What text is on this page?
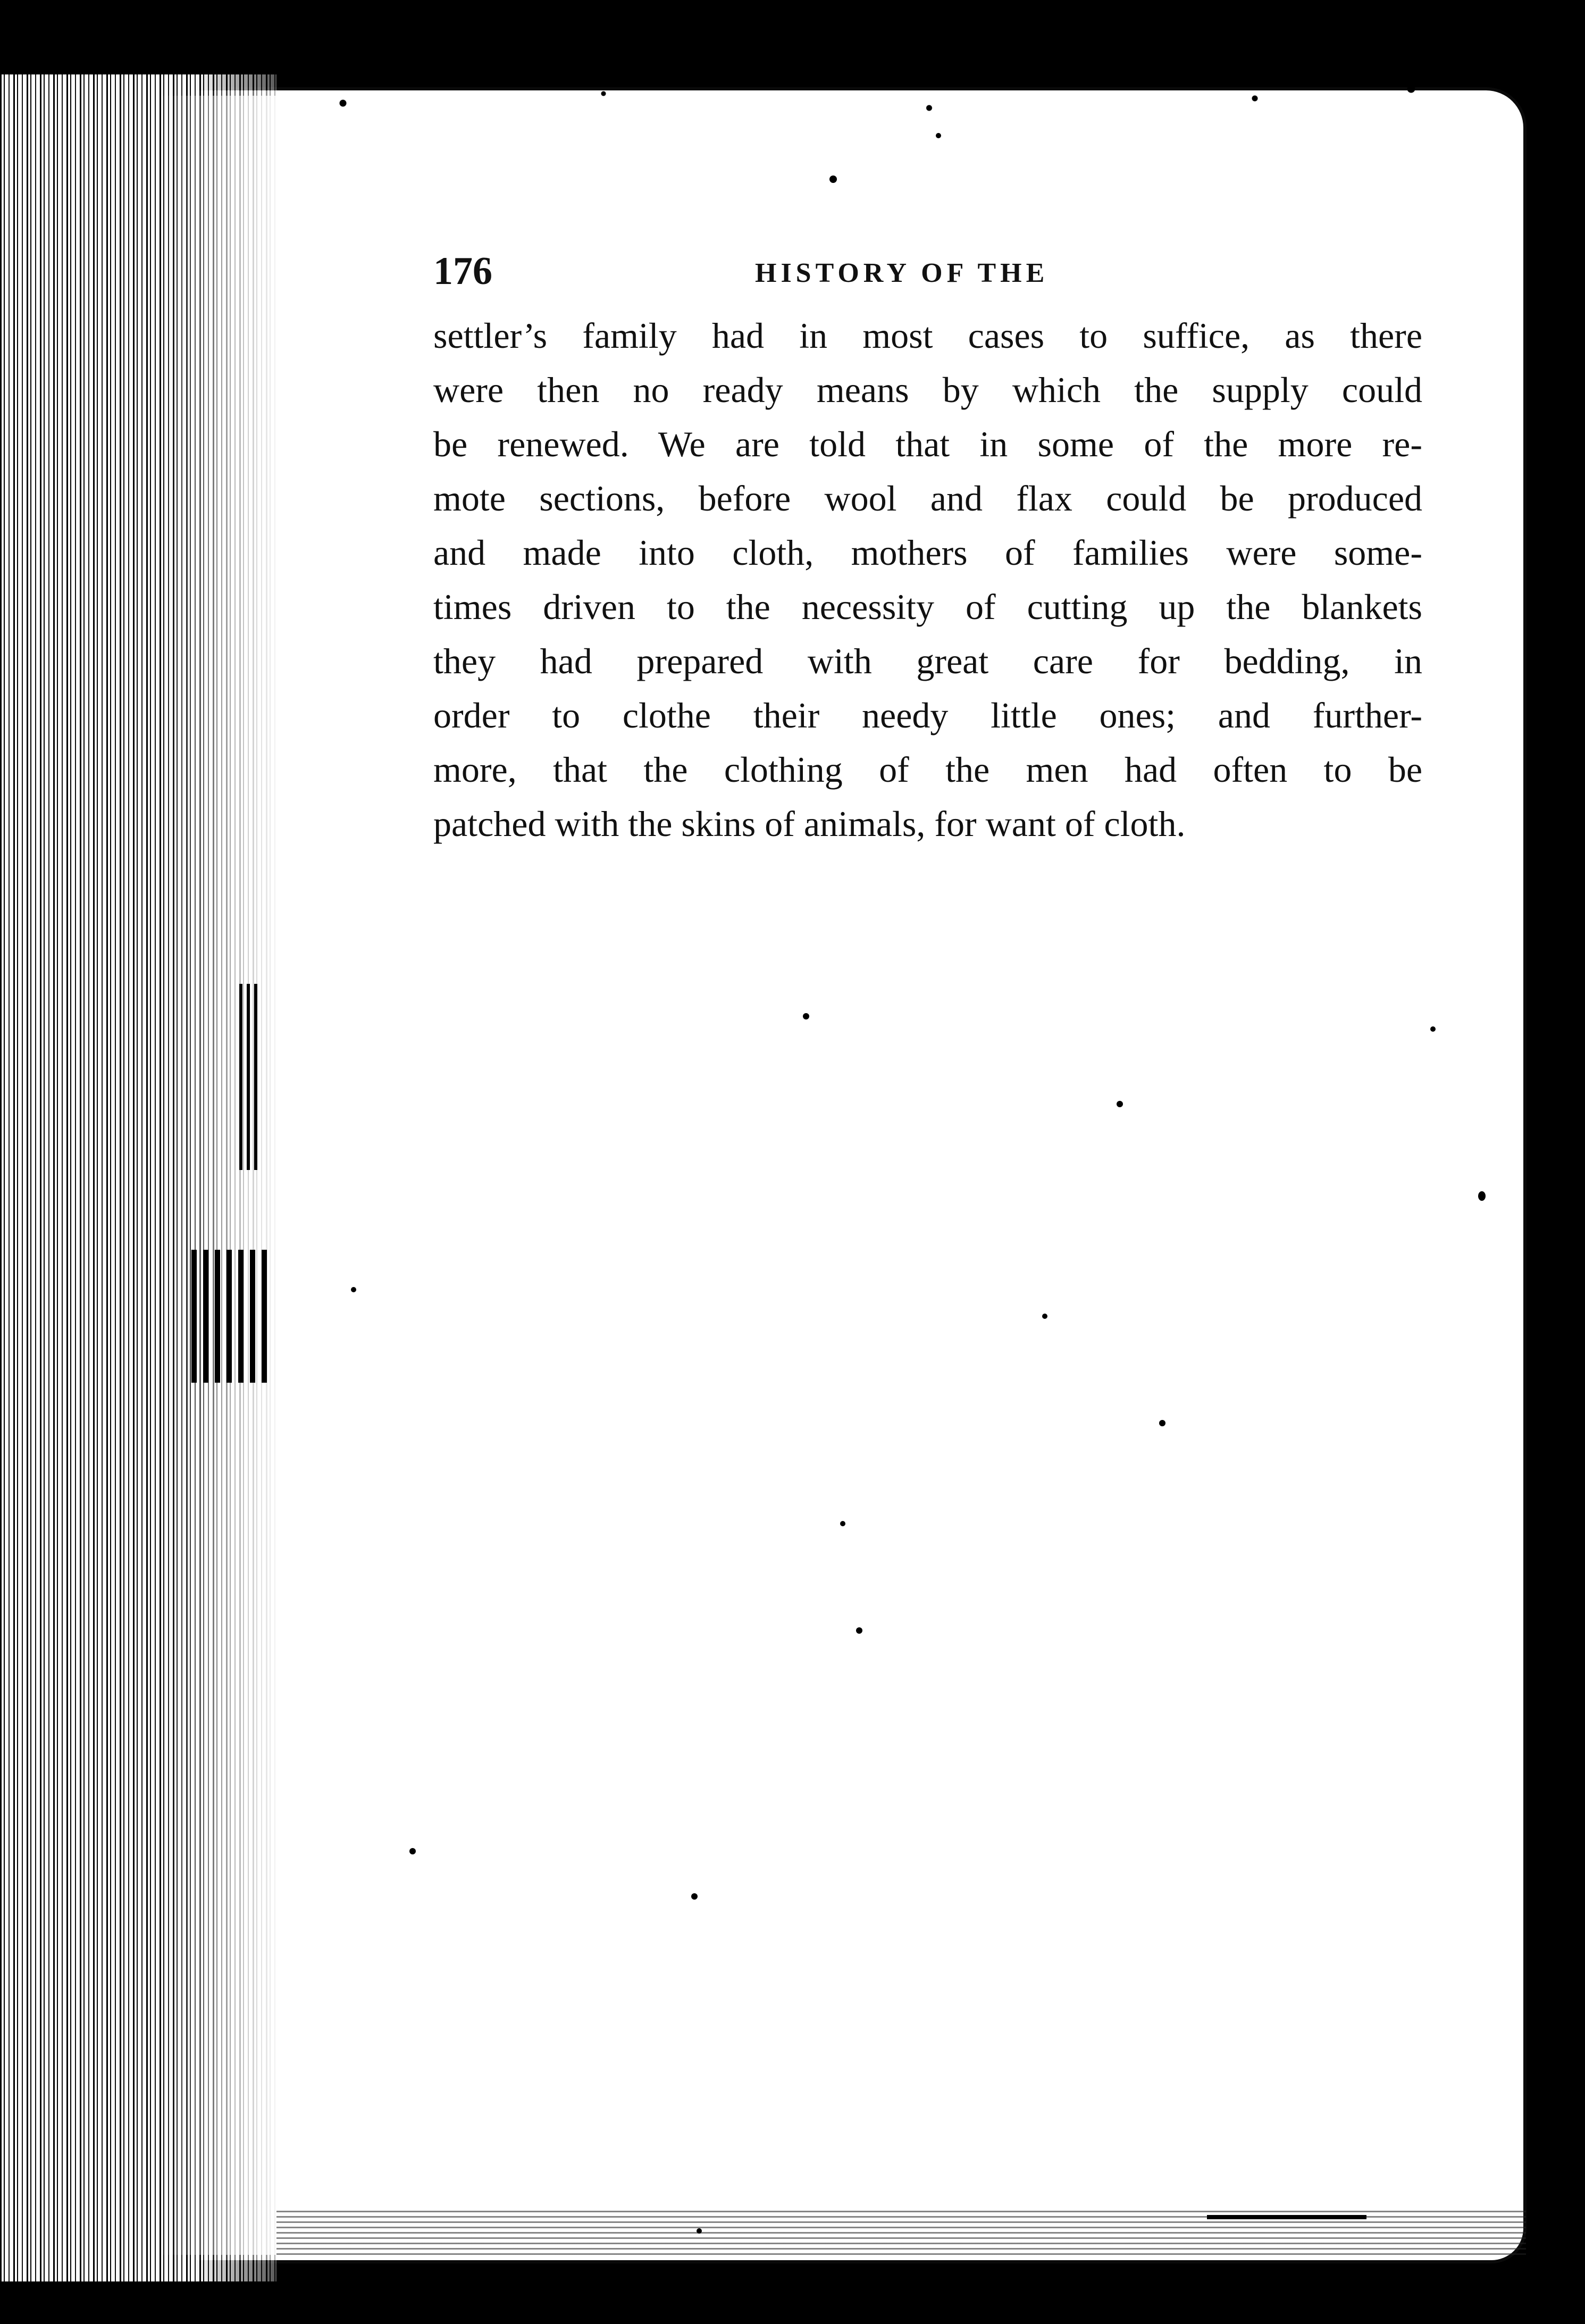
176	HISTORY OF THE
settler’s family had in most cases to suffice, as there
were then no ready means by which the supply could
be renewed. We are told that in some of the more re-
mote sections, before wool and flax could be produced
and made into cloth, mothers of families were some-
times driven to the necessity of cutting up the blankets
they had prepared with great care for bedding, in
order to clothe their needy little ones; and further-
more, that the clothing of the men had often to be
patched with the skins of animals, for want of cloth.
